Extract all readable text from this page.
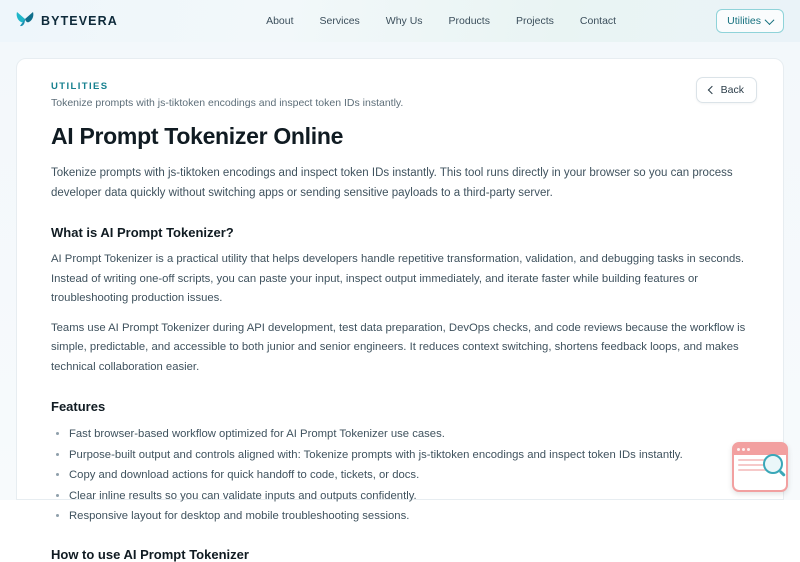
BYTEVERA	About Services Why Us Products Projects Contact	Utilities
Back
UTILITIES
Tokenize prompts with js-tiktoken encodings and inspect token IDs instantly.
AI Prompt Tokenizer Online

Tokenize prompts with js-tiktoken encodings and inspect token IDs instantly. This tool runs directly in your browser so you can process developer data quickly without switching apps or sending sensitive payloads to a third-party server.

What is AI Prompt Tokenizer?

AI Prompt Tokenizer is a practical utility that helps developers handle repetitive transformation, validation, and debugging tasks in seconds. Instead of writing one-off scripts, you can paste your input, inspect output immediately, and iterate faster while building features or troubleshooting production issues.

Teams use AI Prompt Tokenizer during API development, test data preparation, DevOps checks, and code reviews because the workflow is simple, predictable, and accessible to both junior and senior engineers. It reduces context switching, shortens feedback loops, and makes technical collaboration easier.

Features
• Fast browser-based workflow optimized for AI Prompt Tokenizer use cases.
• Purpose-built output and controls aligned with: Tokenize prompts with js-tiktoken encodings and inspect token IDs instantly.
• Copy and download actions for quick handoff to code, tickets, or docs.
• Clear inline results so you can validate inputs and outputs confidently.
• Responsive layout for desktop and mobile troubleshooting sessions.
How to use AI Prompt Tokenizer
